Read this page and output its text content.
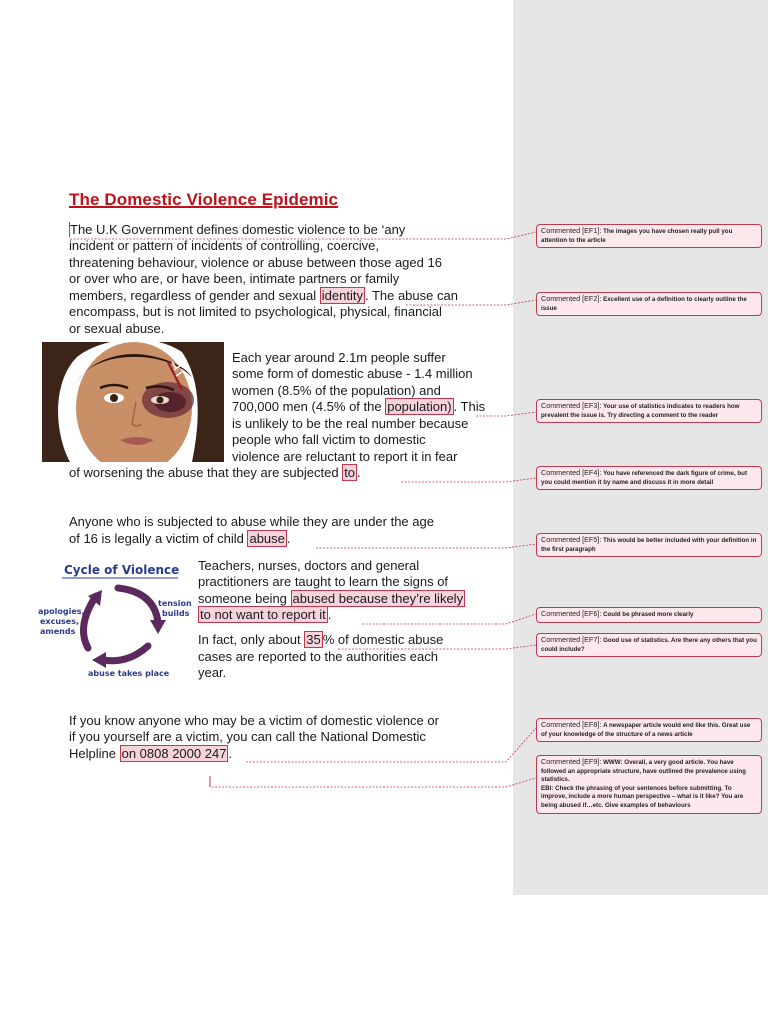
The Domestic Violence Epidemic
The U.K Government defines domestic violence to be ‘any
incident or pattern of incidents of controlling, coercive,
threatening behaviour, violence or abuse between those aged 16
or over who are, or have been, intimate partners or family
members, regardless of gender and sexual identity . The abuse can
encompass, but is not limited to psychological, physical, financial
or sexual abuse.
Each year around 2.1m people suffer
some form of domestic abuse - 1.4 million
women (8.5% of the population) and
700,000 men (4.5% of the population) . This
is unlikely to be the real number because
people who fall victim to domestic
violence are reluctant to report it in fear
of worsening the abuse that they are subjected to .
Anyone who is subjected to abuse while they are under the age
of 16 is legally a victim of child abuse .
Cycle of Violence
tension
builds
apologies,
excuses,
amends
abuse takes place
Teachers, nurses, doctors and general
practitioners are taught to learn the signs of
someone being abused because they’re likely
to not want to report it .
In fact, only about 35 % of domestic abuse
cases are reported to the authorities each
year.
If you know anyone who may be a victim of domestic violence or
if you yourself are a victim, you can call the National Domestic
Helpline on 0808 2000 247 .
Commented [EF1]: The images you have chosen really pull you attention to the article
Commented [EF2]: Excellent use of a definition to clearly outline the issue
Commented [EF3]: Your use of statistics indicates to readers how prevalent the issue is. Try directing a comment to the reader
Commented [EF4]: You have referenced the dark figure of crime, but you could mention it by name and discuss it in more detail
Commented [EF5]: This would be better included with your definition in the first paragraph
Commented [EF6]: Could be phrased more clearly
Commented [EF7]: Good use of statistics. Are there any others that you could include?
Commented [EF8]: A newspaper article would end like this. Great use of your knowledge of the structure of a news article
Commented [EF9]: WWW: Overall, a very good article. You have followed an appropriate structure, have outlined the prevalence using statistics.
EBI: Check the phrasing of your sentences before submitting. To improve, include a more human perspective – what is it like? You are being abused if…etc. Give examples of behaviours
